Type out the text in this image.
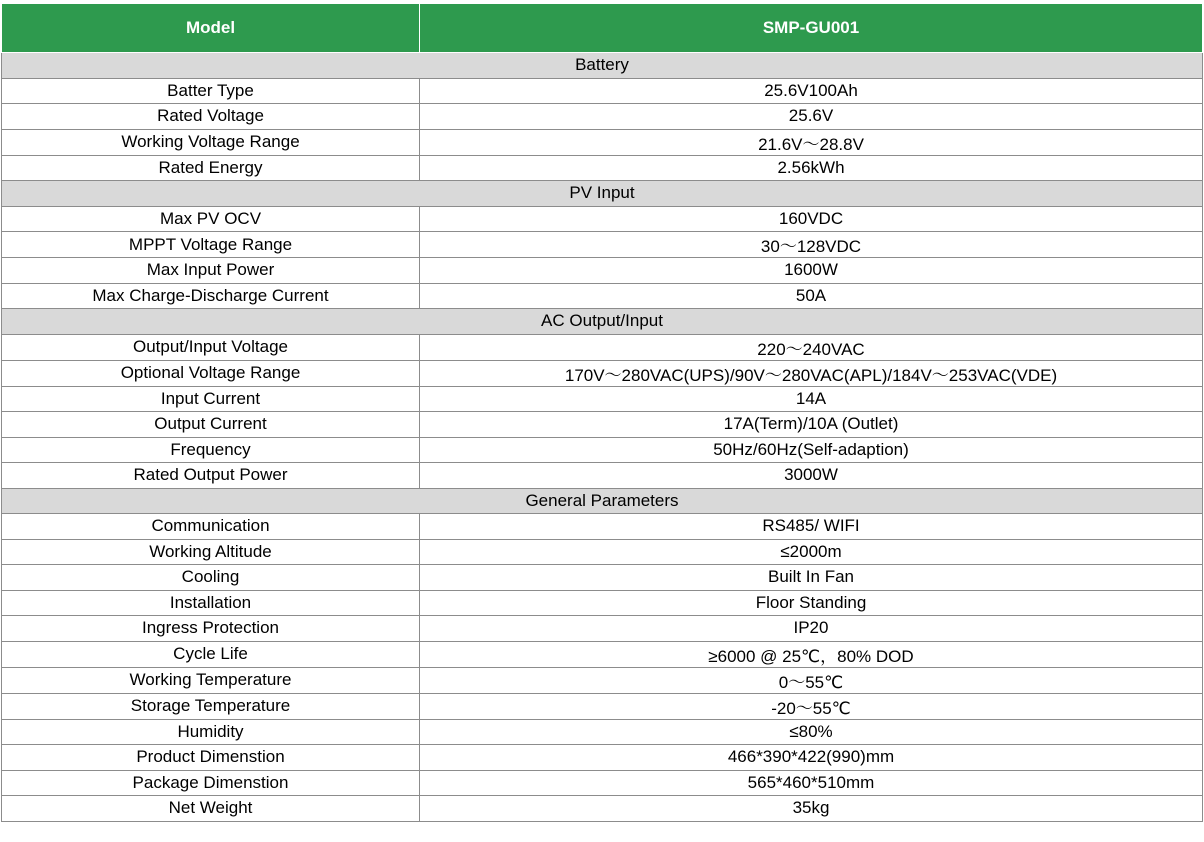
Model	SMP-GU001
Battery	
Batter Type	25.6V100Ah
Rated Voltage	25.6V
Working Voltage Range	21.6V～28.8V
Rated Energy	2.56kWh
PV Input	
Max PV OCV	160VDC
MPPT Voltage Range	30～128VDC
Max Input Power	1600W
Max Charge-Discharge Current	50A
AC Output/Input	
Output/Input Voltage	220～240VAC
Optional Voltage Range	170V～280VAC(UPS)/90V～280VAC(APL)/184V～253VAC(VDE)
Input Current	14A
Output Current	17A(Term)/10A (Outlet)
Frequency	50Hz/60Hz(Self-adaption)
Rated Output Power	3000W
General Parameters	
Communication	RS485/ WIFI
Working Altitude	≤2000m
Cooling	Built In Fan
Installation	Floor Standing
Ingress Protection	IP20
Cycle Life	≥6000 @ 25℃，80% DOD
Working Temperature	0～55℃
Storage Temperature	-20～55℃
Humidity	≤80%
Product Dimenstion	466*390*422(990)mm
Package Dimenstion	565*460*510mm
Net Weight	35kg
